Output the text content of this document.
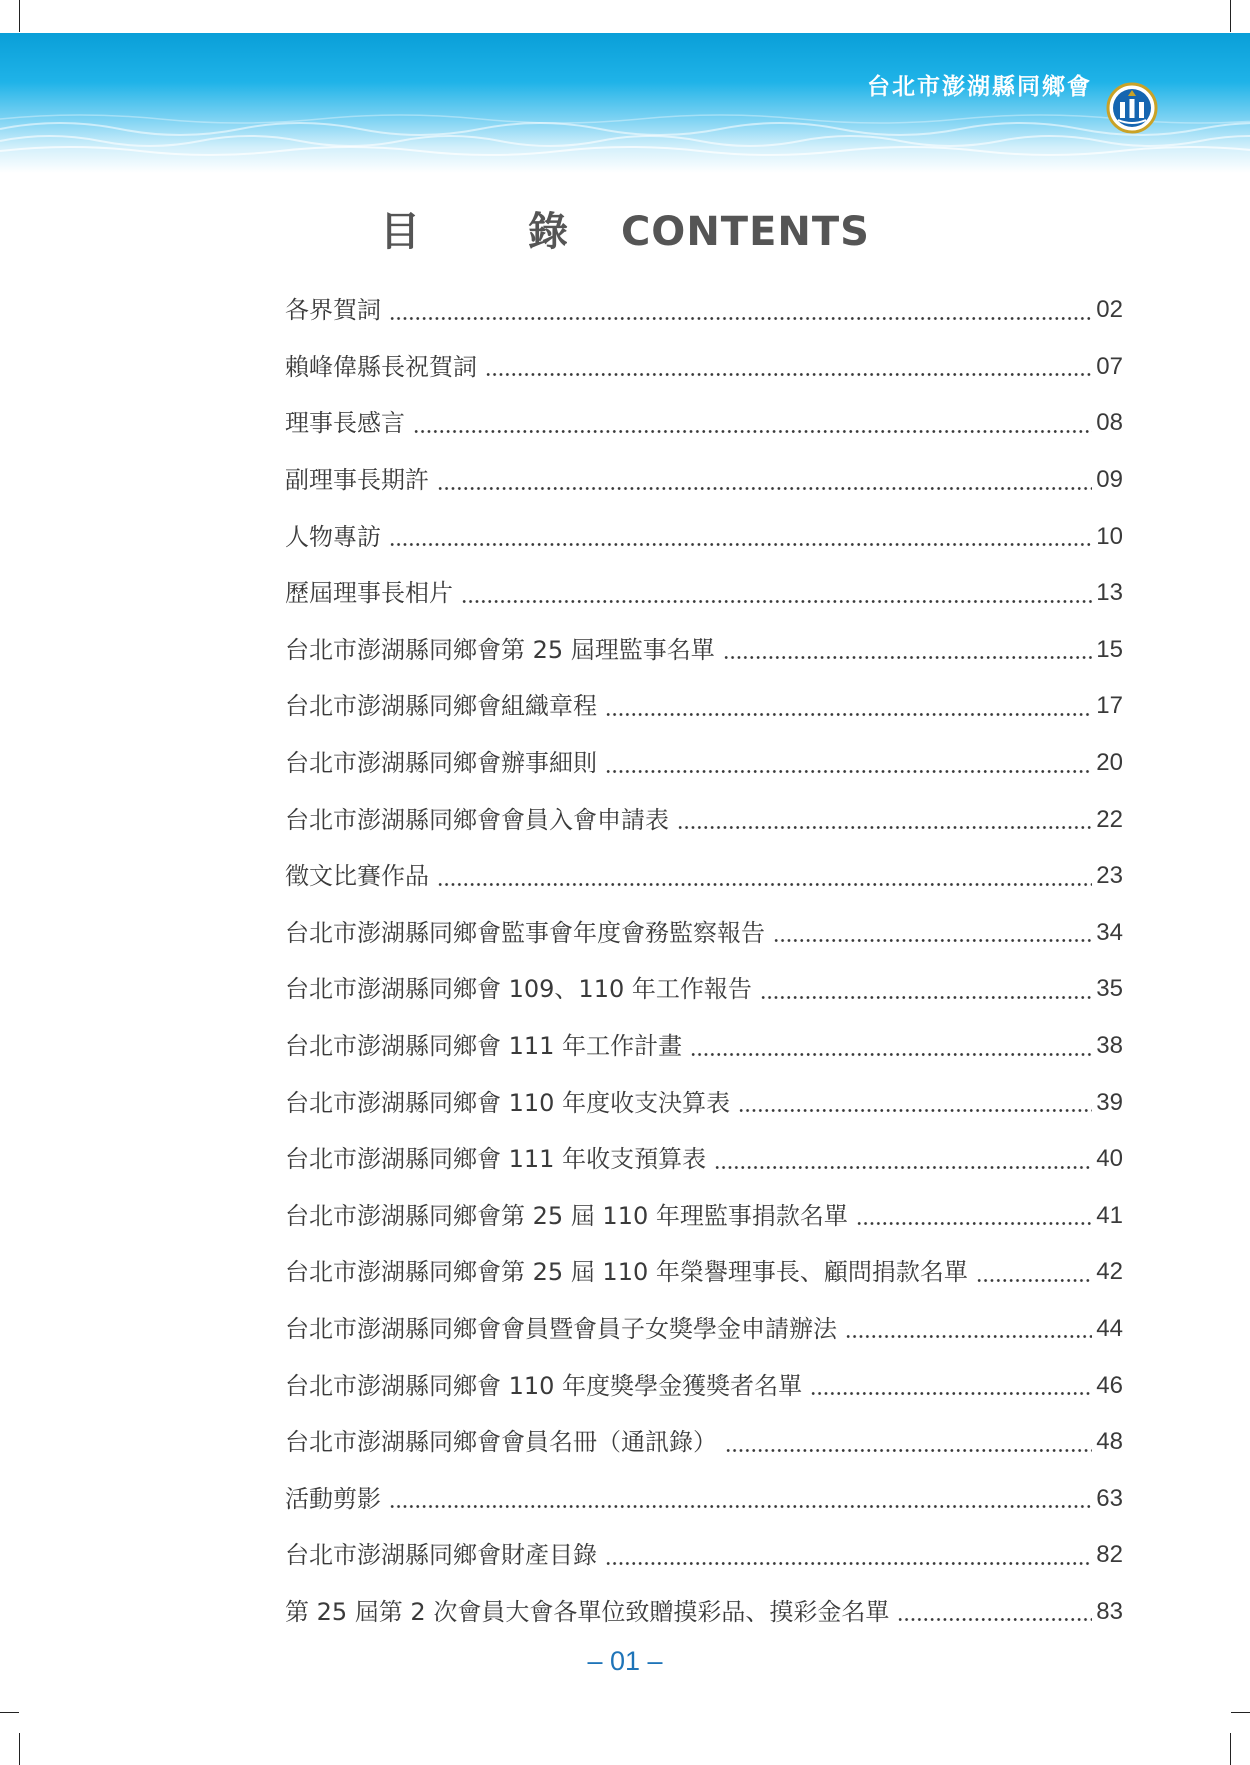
台北市澎湖縣同鄉會
目　錄 CONTENTS
各界賀詞	02
賴峰偉縣長祝賀詞	07
理事長感言	08
副理事長期許	09
人物專訪	10
歷屆理事長相片	13
台北市澎湖縣同鄉會第 25 屆理監事名單	15
台北市澎湖縣同鄉會組織章程	17
台北市澎湖縣同鄉會辦事細則	20
台北市澎湖縣同鄉會會員入會申請表	22
徵文比賽作品	23
台北市澎湖縣同鄉會監事會年度會務監察報告	34
台北市澎湖縣同鄉會 109、110 年工作報告	35
台北市澎湖縣同鄉會 111 年工作計畫	38
台北市澎湖縣同鄉會 110 年度收支決算表	39
台北市澎湖縣同鄉會 111 年收支預算表	40
台北市澎湖縣同鄉會第 25 屆 110 年理監事捐款名單	41
台北市澎湖縣同鄉會第 25 屆 110 年榮譽理事長、顧問捐款名單	42
台北市澎湖縣同鄉會會員暨會員子女獎學金申請辦法	44
台北市澎湖縣同鄉會 110 年度獎學金獲獎者名單	46
台北市澎湖縣同鄉會會員名冊（通訊錄）	48
活動剪影	63
台北市澎湖縣同鄉會財產目錄	82
第 25 屆第 2 次會員大會各單位致贈摸彩品、摸彩金名單	83
– 01 –
